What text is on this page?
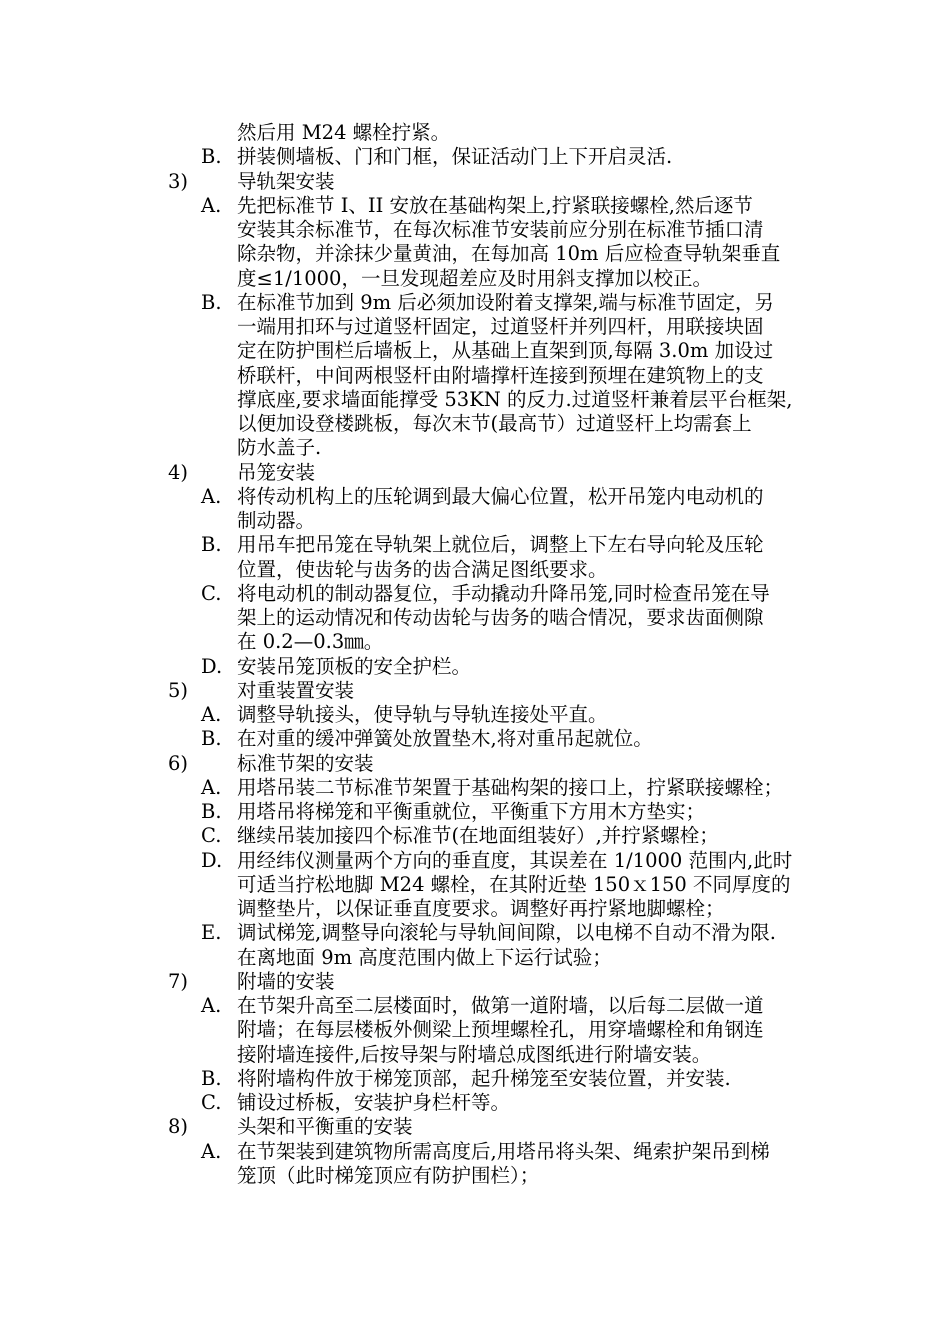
然后用 M24 螺栓拧紧。
B. 拼装侧墙板、门和门框，保证活动门上下开启灵活.
3)	导轨架安装
A. 先把标准节 I、II 安放在基础构架上,拧紧联接螺栓,然后逐节
安装其余标准节，在每次标准节安装前应分别在标准节插口清
除杂物，并涂抹少量黄油，在每加高 10m 后应检查导轨架垂直
度≤1/1000，一旦发现超差应及时用斜支撑加以校正。
B. 在标准节加到 9m 后必须加设附着支撑架,端与标准节固定，另
一端用扣环与过道竖杆固定，过道竖杆并列四杆，用联接块固
定在防护围栏后墙板上，从基础上直架到顶,每隔 3.0m 加设过
桥联杆，中间两根竖杆由附墙撑杆连接到预埋在建筑物上的支
撑底座,要求墙面能撑受 53KN 的反力.过道竖杆兼着层平台框架,
以便加设登楼跳板，每次末节(最高节）过道竖杆上均需套上
防水盖子.
4)	吊笼安装
A. 将传动机构上的压轮调到最大偏心位置，松开吊笼内电动机的
制动器。
B. 用吊车把吊笼在导轨架上就位后，调整上下左右导向轮及压轮
位置，使齿轮与齿务的齿合满足图纸要求。
C. 将电动机的制动器复位，手动撬动升降吊笼,同时检查吊笼在导
架上的运动情况和传动齿轮与齿务的啮合情况，要求齿面侧隙
在 0.2—0.3㎜。
D. 安装吊笼顶板的安全护栏。
5)	对重装置安装
A. 调整导轨接头，使导轨与导轨连接处平直。
B. 在对重的缓冲弹簧处放置垫木,将对重吊起就位。
6)	标准节架的安装
A. 用塔吊装二节标准节架置于基础构架的接口上，拧紧联接螺栓；
B. 用塔吊将梯笼和平衡重就位，平衡重下方用木方垫实；
C. 继续吊装加接四个标准节(在地面组装好）,并拧紧螺栓；
D. 用经纬仪测量两个方向的垂直度，其误差在 1/1000 范围内,此时
可适当拧松地脚 M24 螺栓，在其附近垫 150ｘ150 不同厚度的
调整垫片，以保证垂直度要求。调整好再拧紧地脚螺栓；
E. 调试梯笼,调整导向滚轮与导轨间间隙，以电梯不自动不滑为限.
在离地面 9m 高度范围内做上下运行试验；
7)	附墙的安装
A. 在节架升高至二层楼面时，做第一道附墙，以后每二层做一道
附墙；在每层楼板外侧梁上预埋螺栓孔，用穿墙螺栓和角钢连
接附墙连接件,后按导架与附墙总成图纸进行附墙安装。
B. 将附墙构件放于梯笼顶部，起升梯笼至安装位置，并安装.
C. 铺设过桥板，安装护身栏杆等。
8)	头架和平衡重的安装
A. 在节架装到建筑物所需高度后,用塔吊将头架、绳索护架吊到梯
笼顶（此时梯笼顶应有防护围栏）；
